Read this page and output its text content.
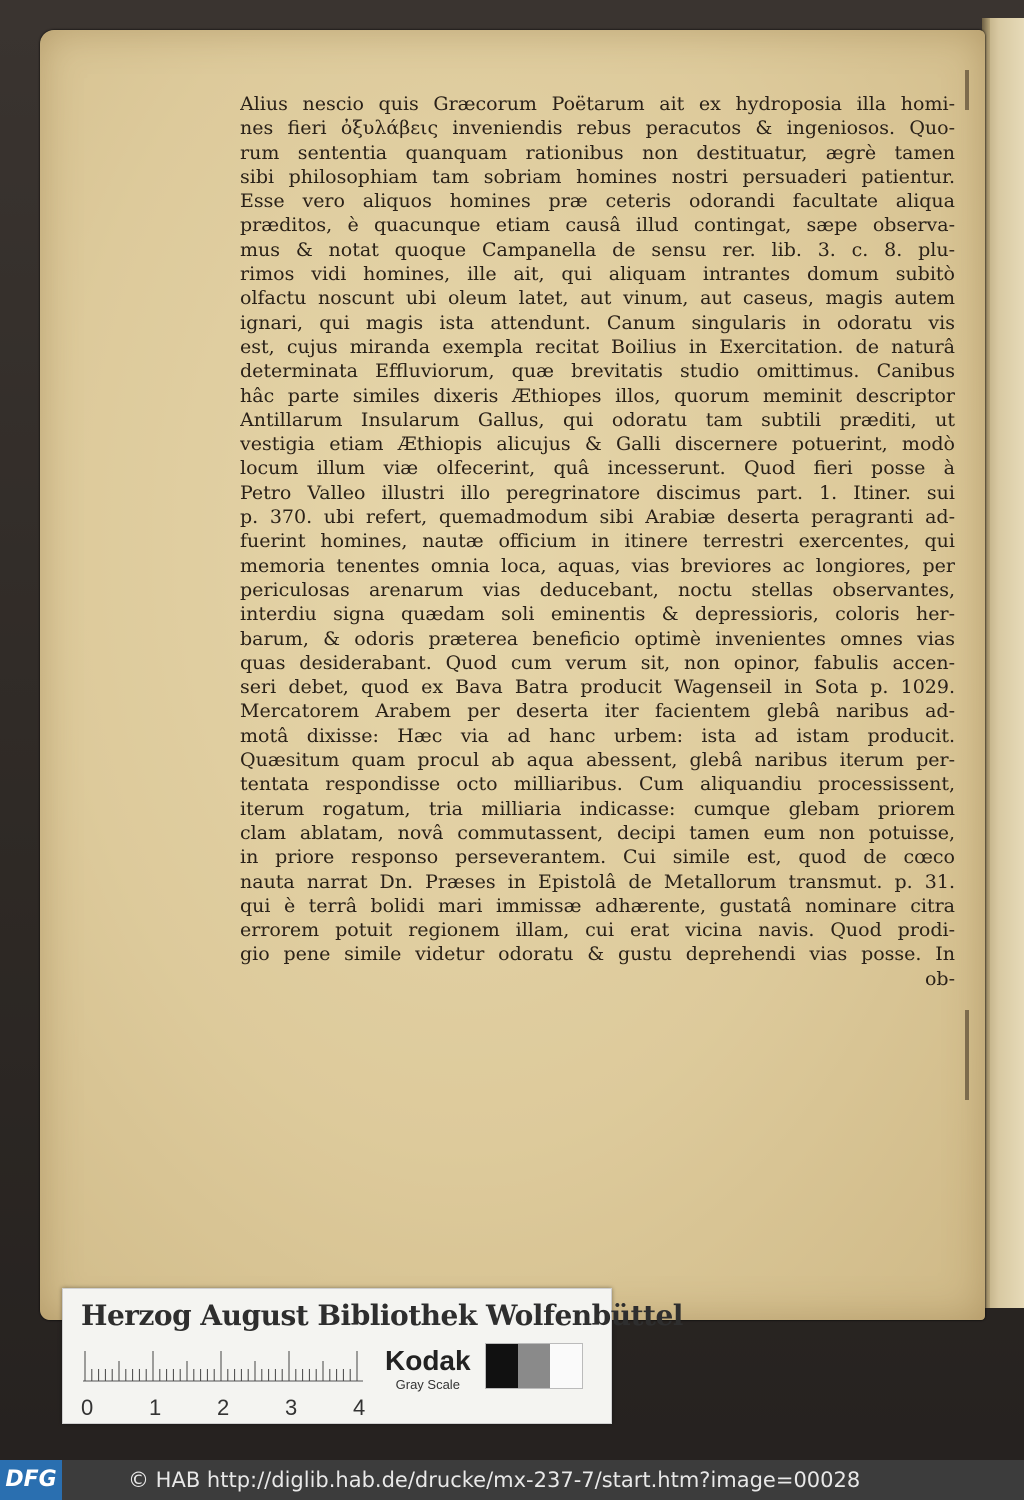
Alius nescio quis Græcorum Poëtarum ait ex hydroposia illa homi-
nes fieri ὀξυλάβεις inveniendis rebus peracutos & ingeniosos. Quo-
rum sententia quanquam rationibus non destituatur, ægrè tamen
sibi philosophiam tam sobriam homines nostri persuaderi patientur.
Esse vero aliquos homines præ ceteris odorandi facultate aliqua
præditos, è quacunque etiam causâ illud contingat, sæpe observa-
mus & notat quoque Campanella de sensu rer. lib. 3. c. 8. plu-
rimos vidi homines, ille ait, qui aliquam intrantes domum subitò
olfactu noscunt ubi oleum latet, aut vinum, aut caseus, magis autem
ignari, qui magis ista attendunt. Canum singularis in odoratu vis
est, cujus miranda exempla recitat Boilius in Exercitation. de naturâ
determinata Effluviorum, quæ brevitatis studio omittimus. Canibus
hâc parte similes dixeris Æthiopes illos, quorum meminit descriptor
Antillarum Insularum Gallus, qui odoratu tam subtili præditi, ut
vestigia etiam Æthiopis alicujus & Galli discernere potuerint, modò
locum illum viæ olfecerint, quâ incesserunt. Quod fieri posse à
Petro Valleo illustri illo peregrinatore discimus part. 1. Itiner. sui
p. 370. ubi refert, quemadmodum sibi Arabiæ deserta peragranti ad-
fuerint homines, nautæ officium in itinere terrestri exercentes, qui
memoria tenentes omnia loca, aquas, vias breviores ac longiores, per
periculosas arenarum vias deducebant, noctu stellas observantes,
interdiu signa quædam soli eminentis & depressioris, coloris her-
barum, & odoris præterea beneficio optimè invenientes omnes vias
quas desiderabant. Quod cum verum sit, non opinor, fabulis accen-
seri debet, quod ex Bava Batra producit Wagenseil in Sota p. 1029.
Mercatorem Arabem per deserta iter facientem glebâ naribus ad-
motâ dixisse: Hæc via ad hanc urbem: ista ad istam producit.
Quæsitum quam procul ab aqua abessent, glebâ naribus iterum per-
tentata respondisse octo milliaribus. Cum aliquandiu processissent,
iterum rogatum, tria milliaria indicasse: cumque glebam priorem
clam ablatam, novâ commutassent, decipi tamen eum non potuisse,
in priore responso perseverantem. Cui simile est, quod de cœco
nauta narrat Dn. Præses in Epistolâ de Metallorum transmut. p. 31.
qui è terrâ bolidi mari immissæ adhærente, gustatâ nominare citra
errorem potuit regionem illam, cui erat vicina navis. Quod prodi-
gio pene simile videtur odoratu & gustu deprehendi vias posse. In
ob-
Herzog August Bibliothek Wolfenbüttel
0	1	2	3	4
Kodak
Gray Scale
DFG	© HAB http://diglib.hab.de/drucke/mx-237-7/start.htm?image=00028
